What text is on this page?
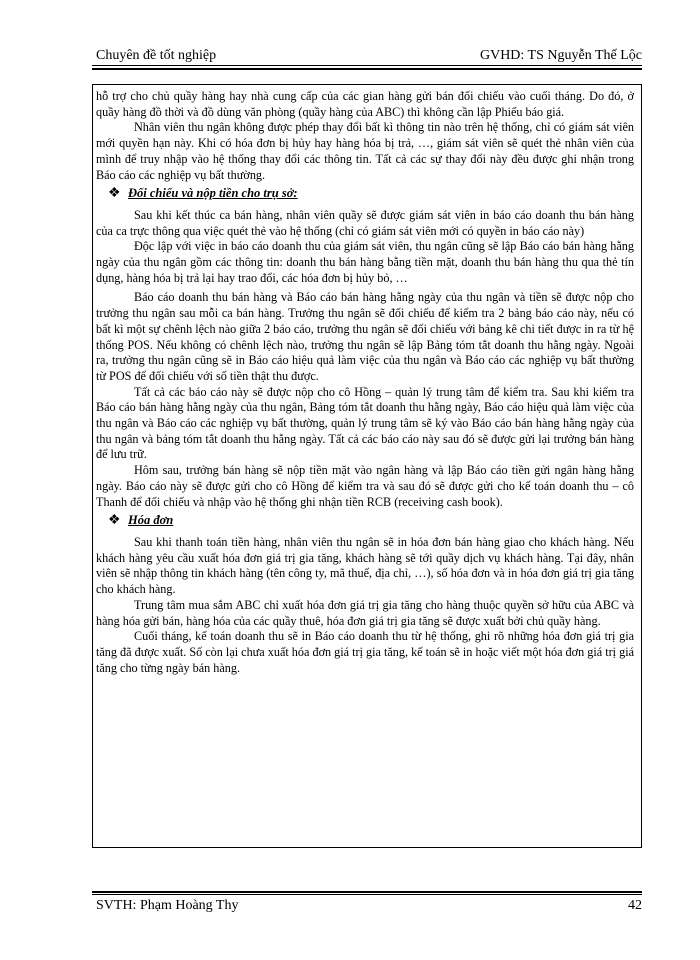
Chuyên đề tốt nghiệp	GVHD: TS Nguyễn Thế Lộc

hỗ trợ cho chủ quầy hàng hay nhà cung cấp của các gian hàng gửi bán đối chiếu vào cuối tháng. Do đó, ở quầy hàng đồ thời và đồ dùng văn phòng (quầy hàng của ABC) thì không cần lập Phiếu báo giá.

Nhân viên thu ngân không được phép thay đổi bất kì thông tin nào trên hệ thống, chỉ có giám sát viên mới quyền hạn này. Khi có hóa đơn bị hủy hay hàng hóa bị trả, …, giám sát viên sẽ quét thẻ nhân viên của mình để truy nhập vào hệ thống thay đổi các thông tin. Tất cả các sự thay đổi này đều được ghi nhận trong Báo cáo các nghiệp vụ bất thường.

❖ Đối chiếu và nộp tiền cho trụ sở:

Sau khi kết thúc ca bán hàng, nhân viên quầy sẽ được giám sát viên in báo cáo doanh thu bán hàng của ca trực thông qua việc quét thẻ vào hệ thống (chỉ có giám sát viên mới có quyền in báo cáo này)

Độc lập với việc in báo cáo doanh thu của giám sát viên, thu ngân cũng sẽ lập Báo cáo bán hàng hằng ngày của thu ngân gồm các thông tin: doanh thu bán hàng bằng tiền mặt, doanh thu bán hàng thu qua thẻ tín dụng, hàng hóa bị trả lại hay trao đổi, các hóa đơn bị hủy bỏ, …

Báo cáo doanh thu bán hàng và Báo cáo bán hàng hằng ngày của thu ngân và tiền sẽ được nộp cho trưởng thu ngân sau mỗi ca bán hàng. Trưởng thu ngân sẽ đối chiếu để kiểm tra 2 bảng báo cáo này, nếu có bất kì một sự chênh lệch nào giữa 2 báo cáo, trưởng thu ngân sẽ đối chiếu với bảng kê chi tiết được in ra từ hệ thống POS. Nếu không có chênh lệch nào, trưởng thu ngân sẽ lập Bảng tóm tắt doanh thu hằng ngày. Ngoài ra, trưởng thu ngân cũng sẽ in Báo cáo hiệu quả làm việc của thu ngân và Báo cáo các nghiệp vụ bất thường từ POS để đối chiếu với số tiền thật thu được.

Tất cả các báo cáo này sẽ được nộp cho cô Hồng – quản lý trung tâm để kiểm tra. Sau khi kiểm tra Báo cáo bán hàng hằng ngày của thu ngân, Bảng tóm tắt doanh thu hằng ngày, Báo cáo hiệu quả làm việc của thu ngân và Báo cáo các nghiệp vụ bất thường, quản lý trung tâm sẽ ký vào Báo cáo bán hàng hằng ngày của thu ngân và bảng tóm tắt doanh thu hằng ngày. Tất cả các báo cáo này sau đó sẽ được gửi lại trưởng bán hàng để lưu trữ.

Hôm sau, trưởng bán hàng sẽ nộp tiền mặt vào ngân hàng và lập Báo cáo tiền gửi ngân hàng hằng ngày. Báo cáo này sẽ được gửi cho cô Hồng để kiểm tra và sau đó sẽ được gửi cho kế toán doanh thu – cô Thanh để đối chiếu và nhập vào hệ thống ghi nhận tiền RCB (receiving cash book).

❖ Hóa đơn

Sau khi thanh toán tiền hàng, nhân viên thu ngân sẽ in hóa đơn bán hàng giao cho khách hàng. Nếu khách hàng yêu cầu xuất hóa đơn giá trị gia tăng, khách hàng sẽ tới quầy dịch vụ khách hàng. Tại đây, nhân viên sẽ nhập thông tin khách hàng (tên công ty, mã thuế, địa chỉ, …), số hóa đơn và in hóa đơn giá trị gia tăng cho khách hàng.

Trung tâm mua sắm ABC chỉ xuất hóa đơn giá trị gia tăng cho hàng thuộc quyền sở hữu của ABC và hàng hóa gửi bán, hàng hóa của các quầy thuê, hóa đơn giá trị gia tăng sẽ được xuất bởi chủ quầy hàng.

Cuối tháng, kế toán doanh thu sẽ in Báo cáo doanh thu từ hệ thống, ghi rõ những hóa đơn giá trị gia tăng đã được xuất. Số còn lại chưa xuất hóa đơn giá trị gia tăng, kế toán sẽ in hoặc viết một hóa đơn giá trị giá tăng cho từng ngày bán hàng.

SVTH: Phạm Hoàng Thy	42
